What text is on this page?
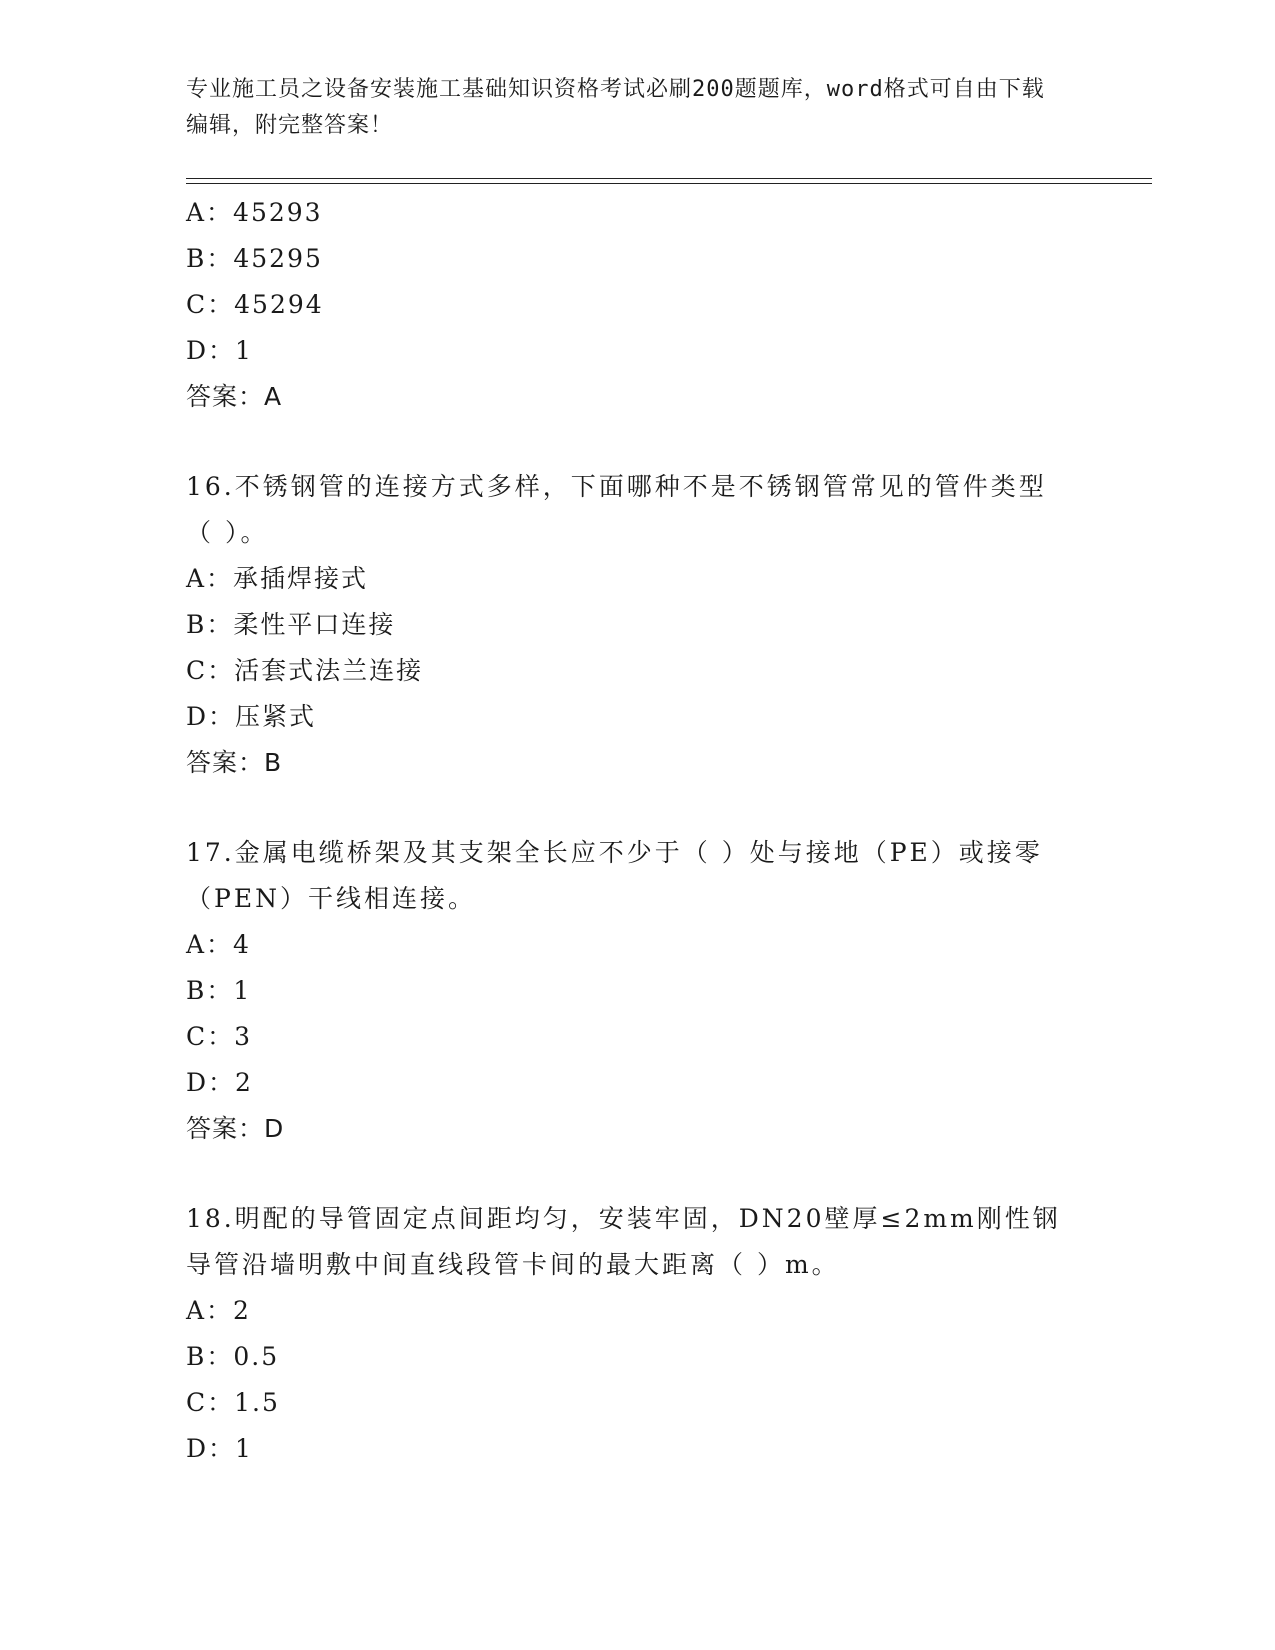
专业施工员之设备安装施工基础知识资格考试必刷200题题库，word格式可自由下载编辑，附完整答案！
A：45293
B：45295
C：45294
D：1
答案：A
16.不锈钢管的连接方式多样，下面哪种不是不锈钢管常见的管件类型（ ）。
A：承插焊接式
B：柔性平口连接
C：活套式法兰连接
D：压紧式
答案：B
17.金属电缆桥架及其支架全长应不少于（ ）处与接地（PE）或接零（PEN）干线相连接。
A：4
B：1
C：3
D：2
答案：D
18.明配的导管固定点间距均匀，安装牢固，DN20壁厚≤2mm刚性钢导管沿墙明敷中间直线段管卡间的最大距离（ ）m。
A：2
B：0.5
C：1.5
D：1
